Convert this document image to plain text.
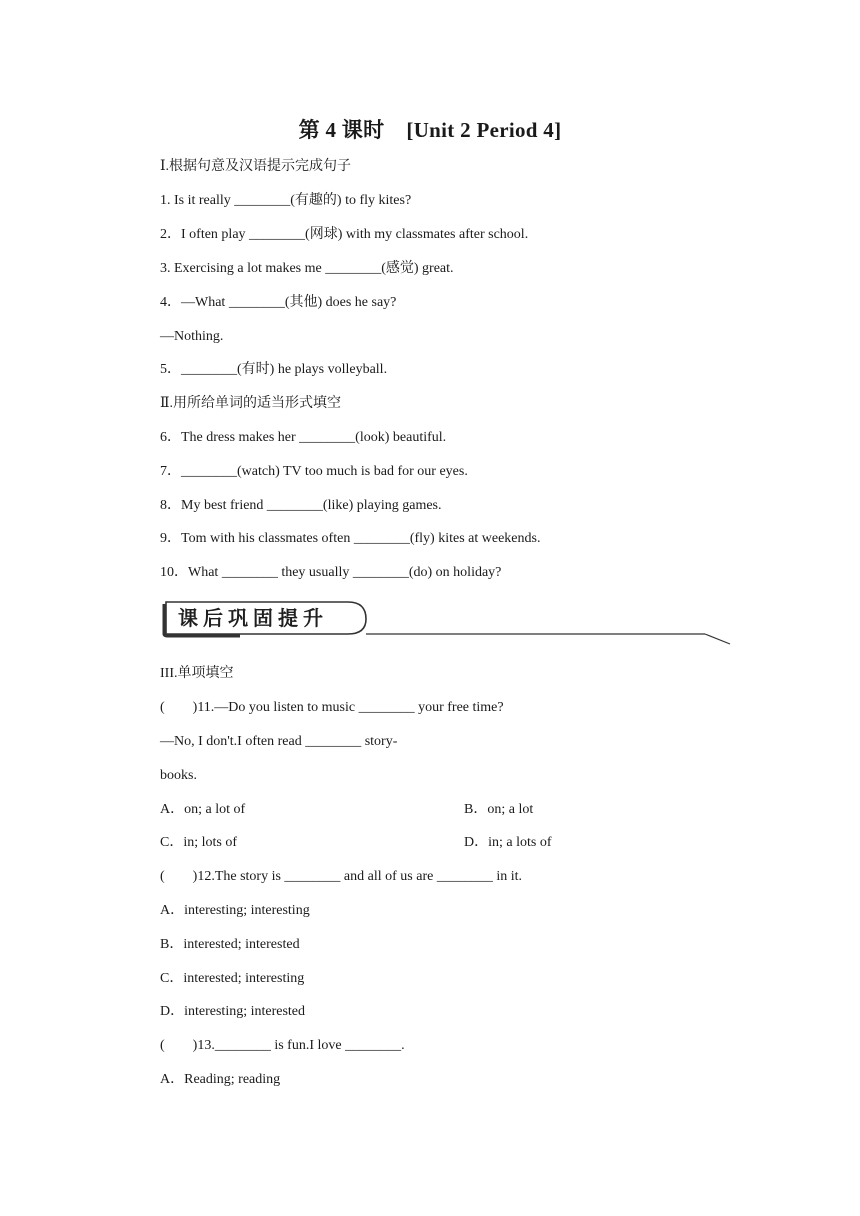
第 4 课时 [Unit 2 Period 4]
Ⅰ.根据句意及汉语提示完成句子
1. Is it really ________(有趣的) to fly kites?
2．I often play ________(网球) with my classmates after school.
3. Exercising a lot makes me ________(感觉) great.
4．—What ________(其他) does he say?
—Nothing.
5．________(有时) he plays volleyball.
Ⅱ.用所给单词的适当形式填空
6．The dress makes her ________(look) beautiful.
7．________(watch) TV too much is bad for our eyes.
8．My best friend ________(like) playing games.
9．Tom with his classmates often ________(fly) kites at weekends.
10．What ________ they usually ________(do) on holiday?
课后巩固提升
III.单项填空
(　　)11.—Do you listen to music ________ your free time?
—No, I don't.I often read ________ story-
books.
A．on; a lot of	B．on; a lot
C．in; lots of	D．in; a lots of
(　　)12.The story is ________ and all of us are ________ in it.
A．interesting; interesting
B．interested; interested
C．interested; interesting
D．interesting; interested
(　　)13.________ is fun.I love ________.
A．Reading; reading
